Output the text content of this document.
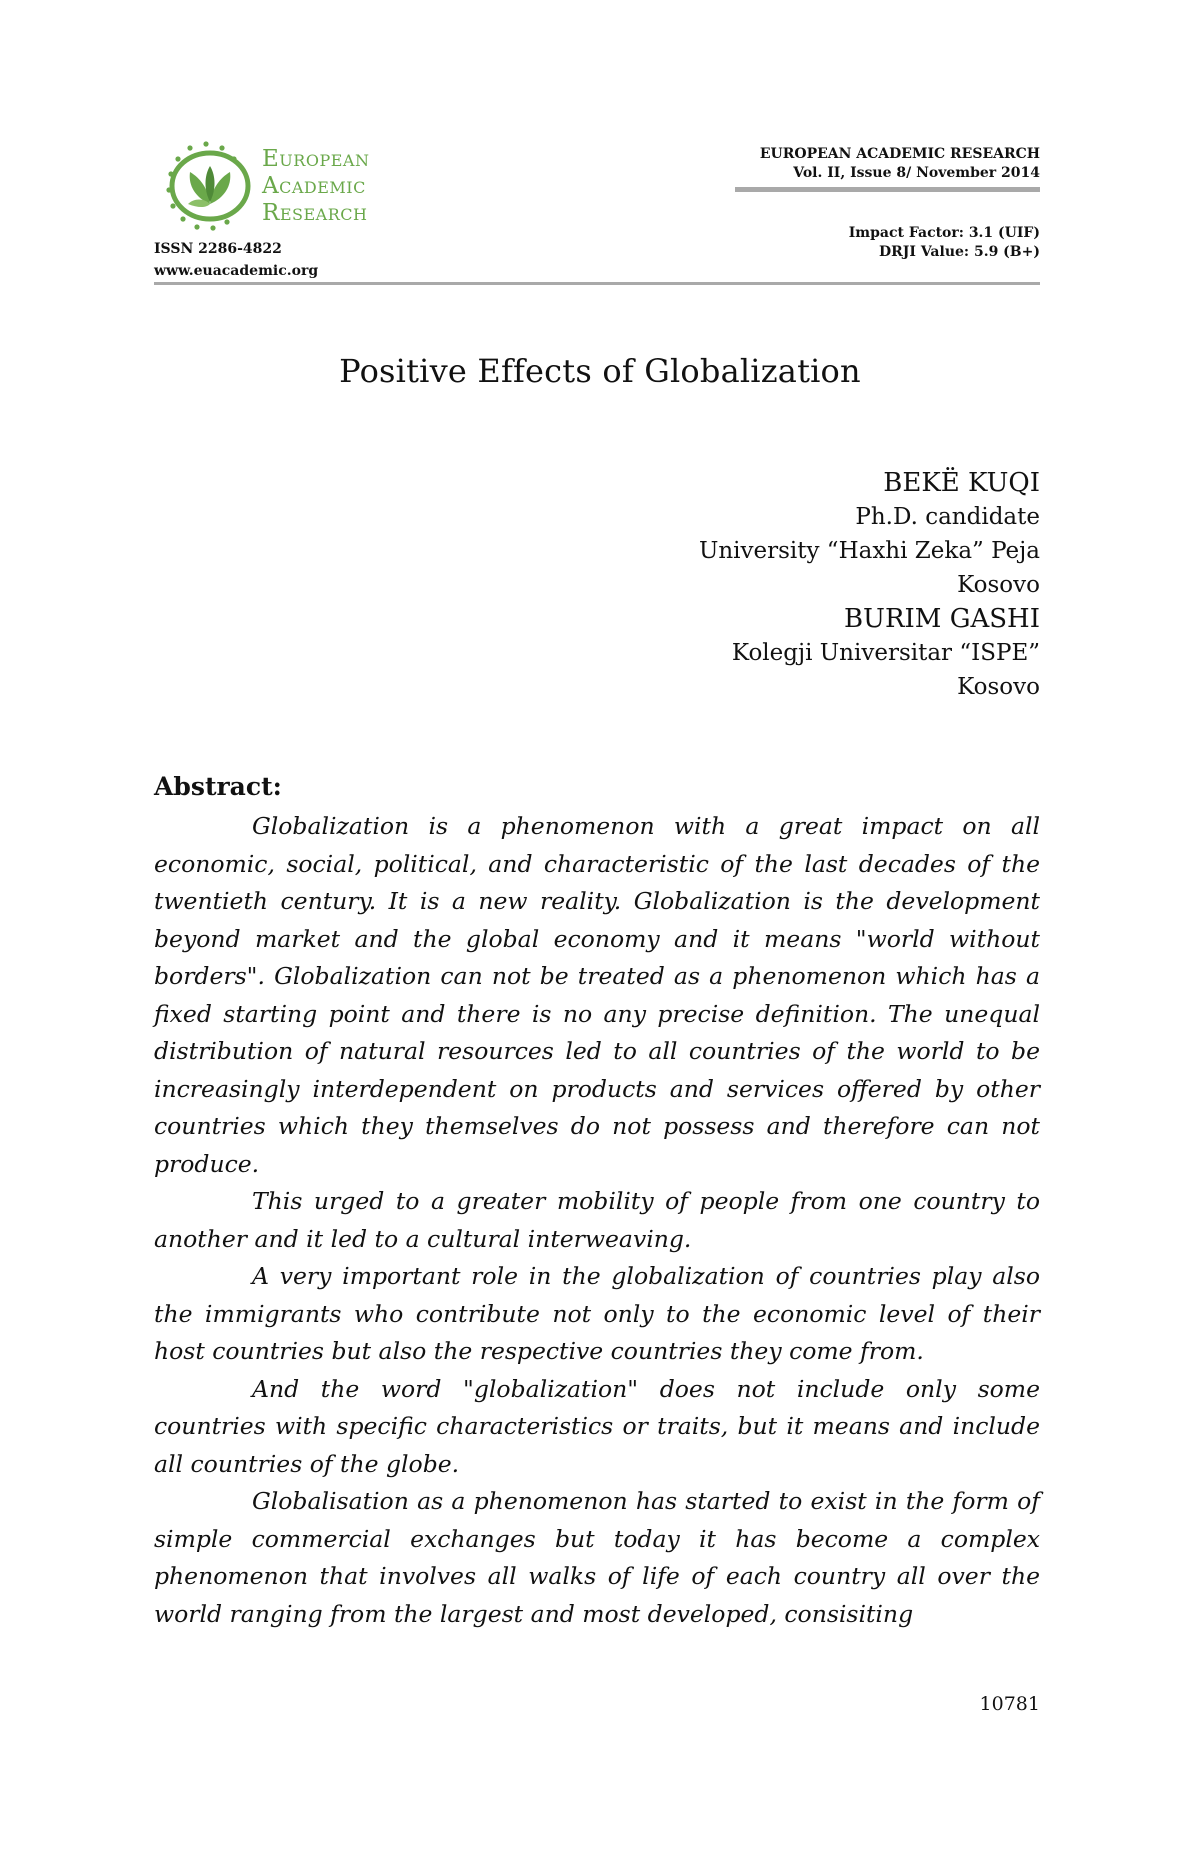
European
Academic
Research
ISSN 2286-4822
www.euacademic.org
EUROPEAN ACADEMIC RESEARCH
Vol. II, Issue 8/ November 2014
Impact Factor: 3.1 (UIF)
DRJI Value: 5.9 (B+)
Positive Effects of Globalization
BEKË KUQI
Ph.D. candidate
University “Haxhi Zeka” Peja
Kosovo
BURIM GASHI
Kolegji Universitar “ISPE”
Kosovo
Abstract:

Globalization is a phenomenon with a great impact on all economic, social, political, and characteristic of the last decades of the twentieth century. It is a new reality. Globalization is the development beyond market and the global economy and it means "world without borders". Globalization can not be treated as a phenomenon which has a fixed starting point and there is no any precise definition. The unequal distribution of natural resources led to all countries of the world to be increasingly interdependent on products and services offered by other countries which they themselves do not possess and therefore can not produce.

This urged to a greater mobility of people from one country to another and it led to a cultural interweaving.

A very important role in the globalization of countries play also the immigrants who contribute not only to the economic level of their host countries but also the respective countries they come from.

And the word "globalization" does not include only some countries with specific characteristics or traits, but it means and include all countries of the globe.

Globalisation as a phenomenon has started to exist in the form of simple commercial exchanges but today it has become a complex phenomenon that involves all walks of life of each country all over the world ranging from the largest and most developed, consisiting

10781
